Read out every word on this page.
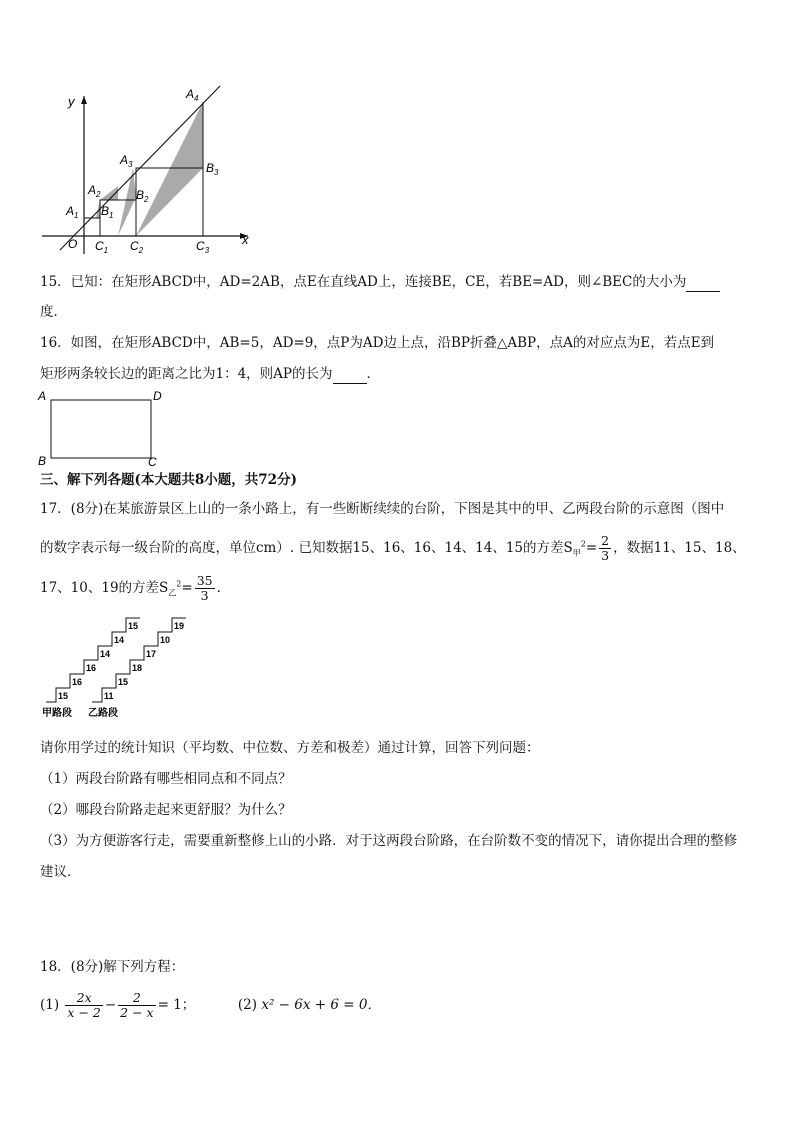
y
x
O
$A_1$
$A_2$
$A_3$
$A_4$
$B_1$
$B_2$
$B_3$
$C_1$ $C_2$	$C_3$
15．已知：在矩形ABCD中，AD=2AB，点E在直线AD上，连接BE，CE，若BE=AD，则∠BEC的大小为
度．
16．如图，在矩形ABCD中，AB=5，AD=9，点P为AD边上点，沿BP折叠△ABP，点A的对应点为E，若点E到
矩形两条较长边的距离之比为1：4，则AP的长为	．
A	D
B	C
三、解下列各题(本大题共8小题，共72分)
17．(8分)在某旅游景区上山的一条小路上，有一些断断续续的台阶，下图是其中的甲、乙两段台阶的示意图（图中
的数字表示每一级台阶的高度，单位cm）. 已知数据15、16、16、14、14、15的方差$S_甲^2= \frac{2}{3}$ ，数据11、15、18、
17、10、19的方差$S_乙^2= \frac{35}{3}$ ．
甲路段 乙路段
15
16
16
14
14
15
11
15
18
17
10
19
请你用学过的统计知识（平均数、中位数、方差和极差）通过计算，回答下列问题：
（1）两段台阶路有哪些相同点和不同点？
（2）哪段台阶路走起来更舒服？为什么？
（3）为方便游客行走，需要重新整修上山的小路．对于这两段台阶路，在台阶数不变的情况下，请你提出合理的整修
建议．
18．(8分)解下列方程：
$(1) \frac{2x}{x - 2} - \frac{2}{2 - x} = 1$；	(2) x² − 6x + 6 = 0．
